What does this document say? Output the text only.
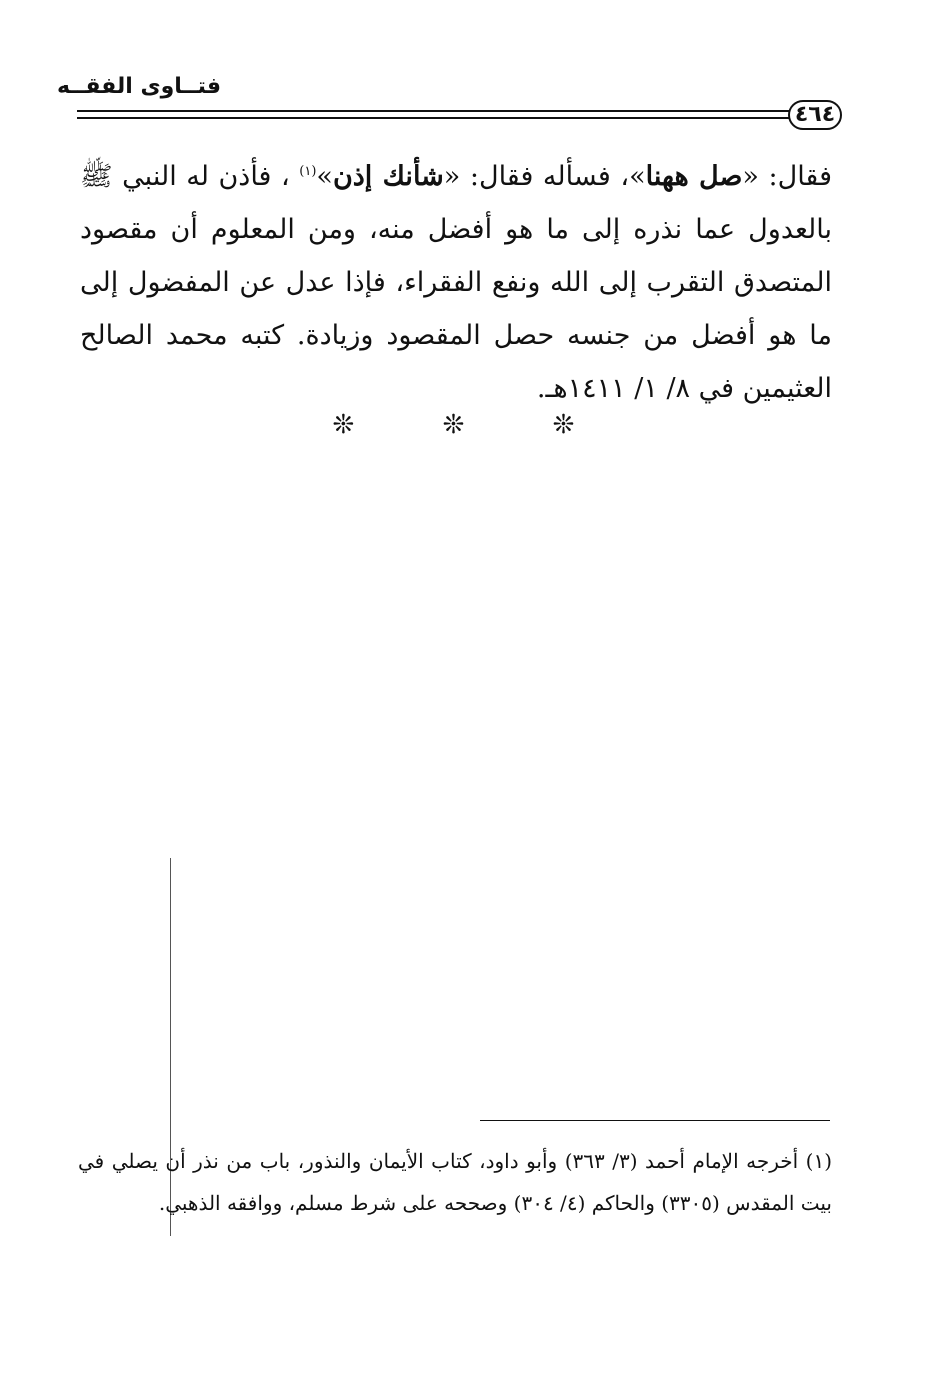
فتــاوى الفقــه
٤٦٤

فقال: «صل ههنا»، فسأله فقال: «شأنك إذن»$^{(١)}$ ، فأذن له النبي ﷺ بالعدول عما نذره إلى ما هو أفضل منه، ومن المعلوم أن مقصود المتصدق التقرب إلى الله ونفع الفقراء، فإذا عدل عن المفضول إلى ما هو أفضل من جنسه حصل المقصود وزيادة. كتبه محمد الصالح العثيمين في ٨/ ١/ ١٤١١هـ.

❊ ❊ ❊

(١) أخرجه الإمام أحمد (٣/ ٣٦٣) وأبو داود، كتاب الأيمان والنذور، باب من نذر أن يصلي في بيت المقدس (٣٣٠٥) والحاكم (٤/ ٣٠٤) وصححه على شرط مسلم، ووافقه الذهبي.
